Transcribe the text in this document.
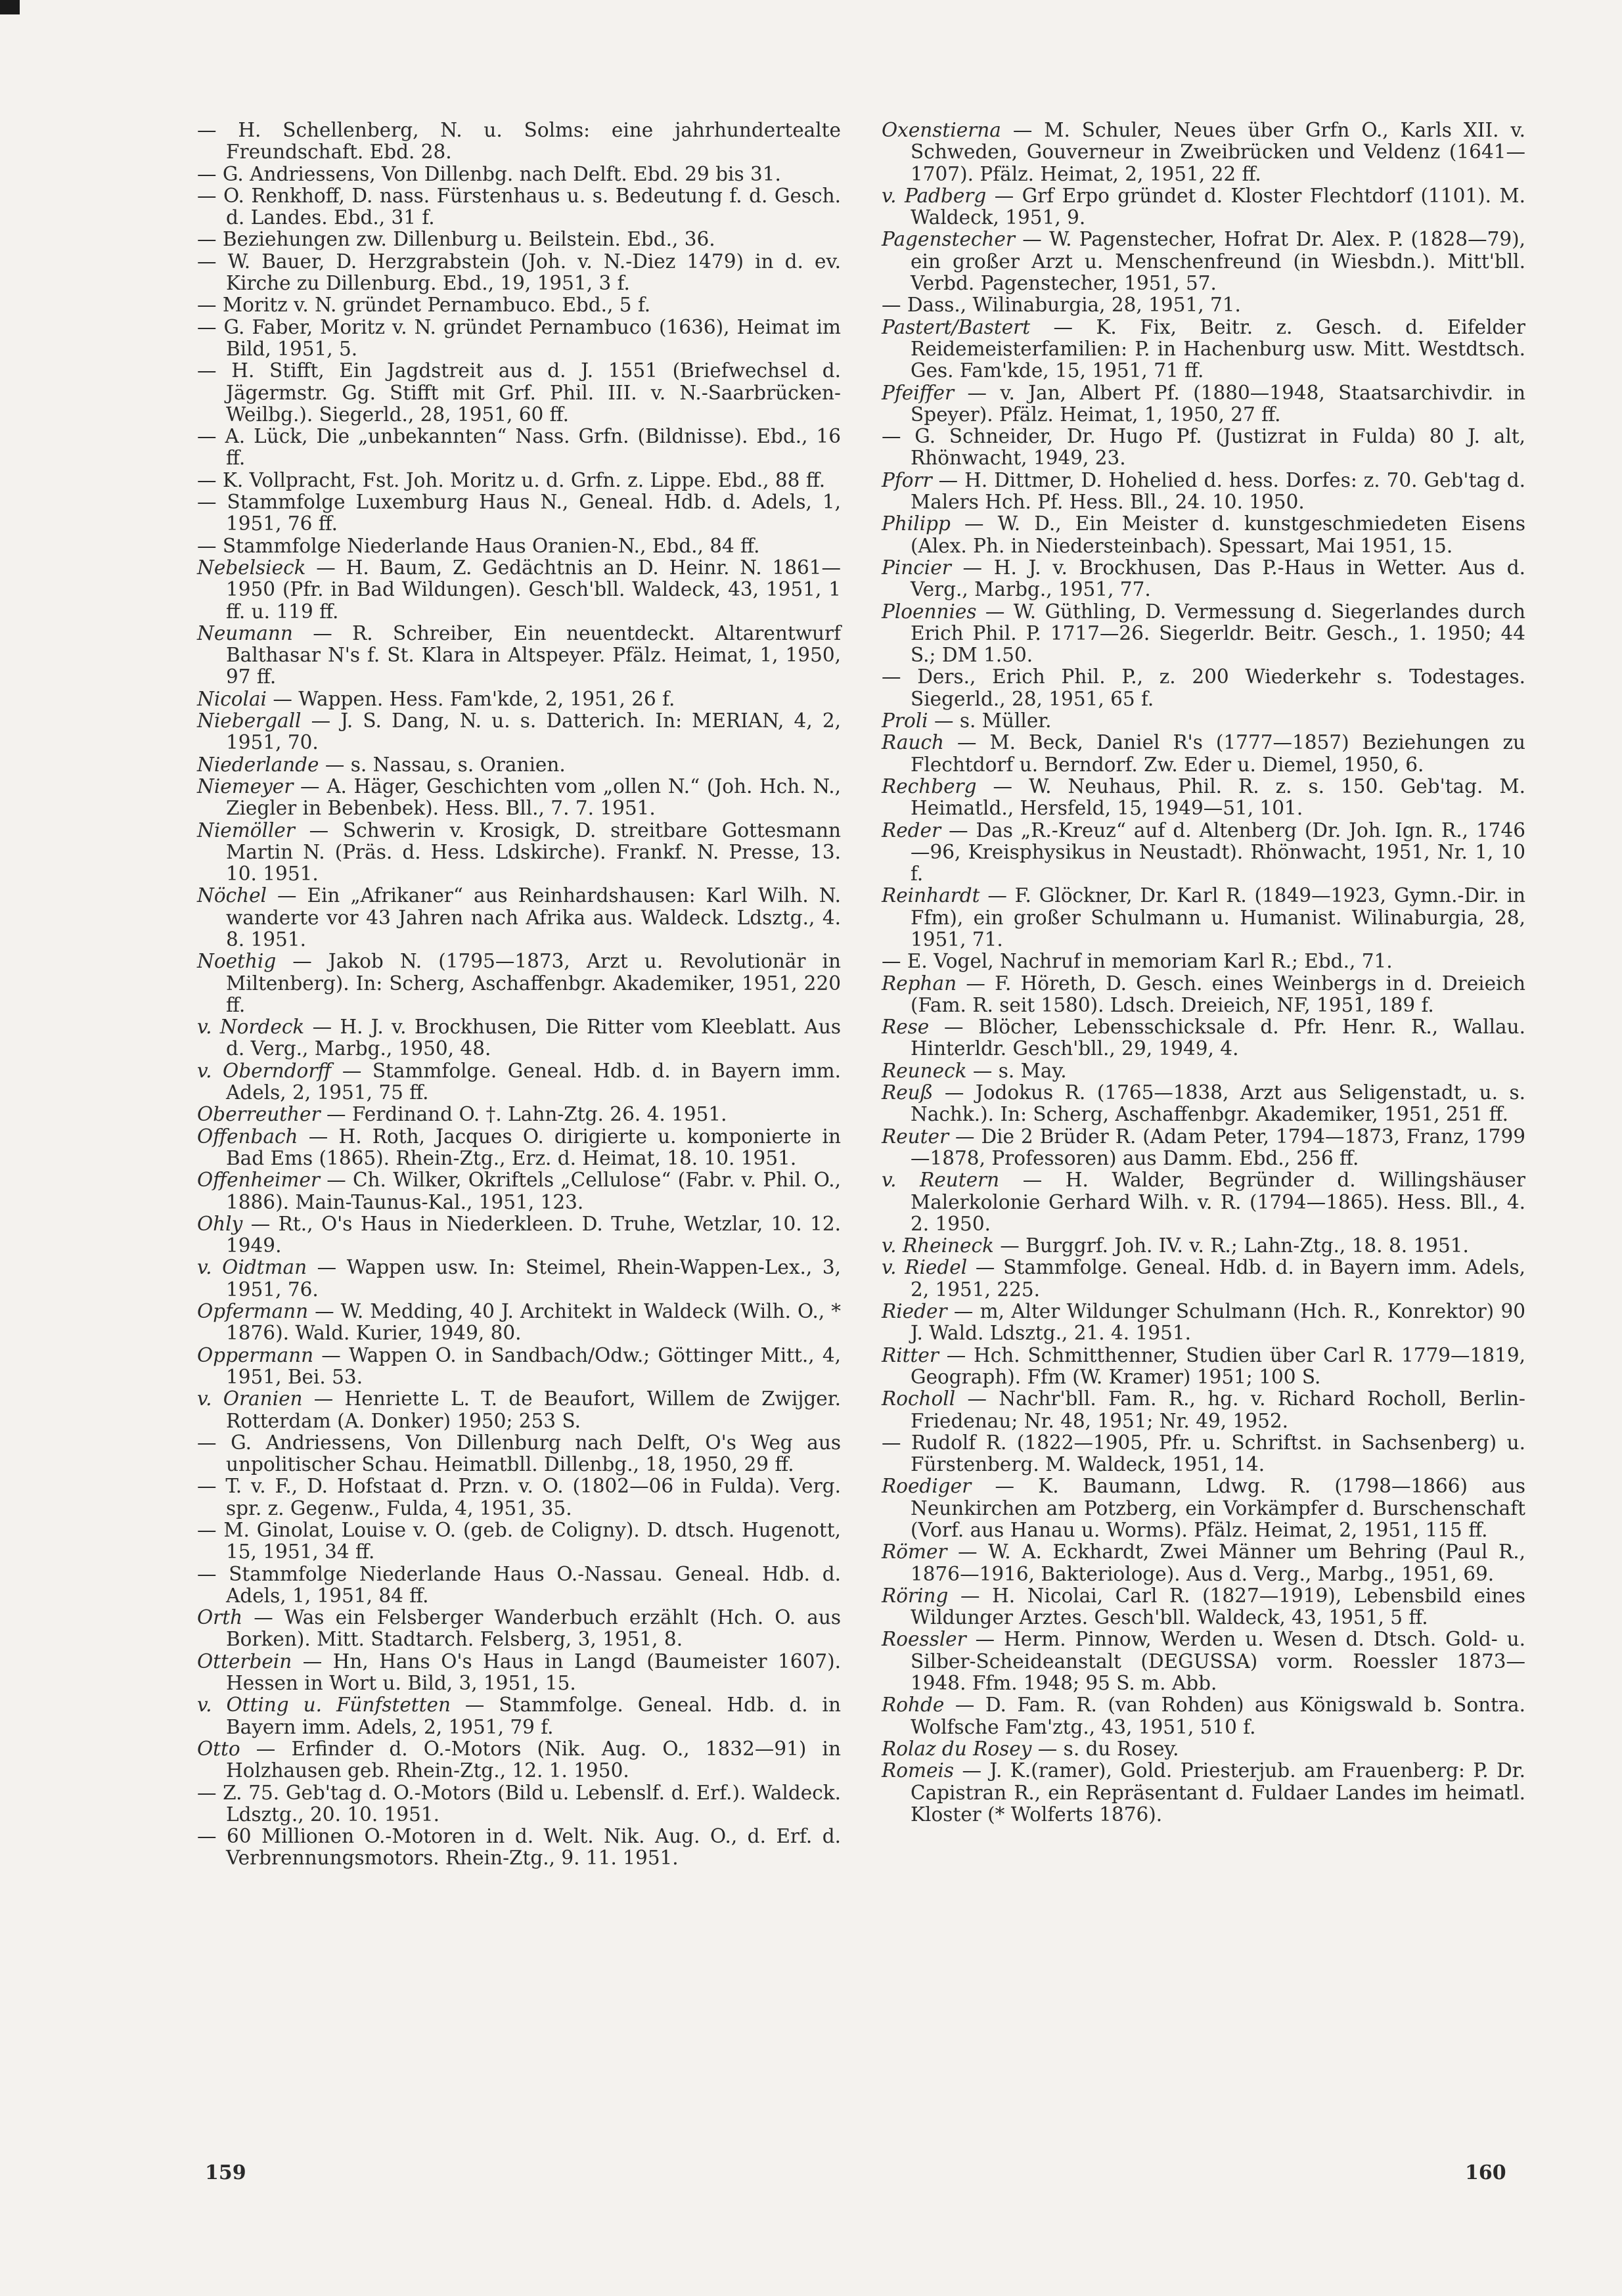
— H. Schellenberg, N. u. Solms: eine jahrhundertealte Freundschaft. Ebd. 28.
— G. Andriessens, Von Dillenbg. nach Delft. Ebd. 29 bis 31.
— O. Renkhoff, D. nass. Fürstenhaus u. s. Bedeutung f. d. Gesch. d. Landes. Ebd., 31 f.
— Beziehungen zw. Dillenburg u. Beilstein. Ebd., 36.
— W. Bauer, D. Herzgrabstein (Joh. v. N.-Diez 1479) in d. ev. Kirche zu Dillenburg. Ebd., 19, 1951, 3 f.
— Moritz v. N. gründet Pernambuco. Ebd., 5 f.
— G. Faber, Moritz v. N. gründet Pernambuco (1636), Heimat im Bild, 1951, 5.
— H. Stifft, Ein Jagdstreit aus d. J. 1551 (Briefwechsel d. Jägermstr. Gg. Stifft mit Grf. Phil. III. v. N.-Saarbrücken-Weilbg.). Siegerld., 28, 1951, 60 ff.
— A. Lück, Die „unbekannten“ Nass. Grfn. (Bildnisse). Ebd., 16 ff.
— K. Vollpracht, Fst. Joh. Moritz u. d. Grfn. z. Lippe. Ebd., 88 ff.
— Stammfolge Luxemburg Haus N., Geneal. Hdb. d. Adels, 1, 1951, 76 ff.
— Stammfolge Niederlande Haus Oranien-N., Ebd., 84 ff.
Nebelsieck — H. Baum, Z. Gedächtnis an D. Heinr. N. 1861—1950 (Pfr. in Bad Wildungen). Gesch'bll. Waldeck, 43, 1951, 1 ff. u. 119 ff.
Neumann — R. Schreiber, Ein neuentdeckt. Altarentwurf Balthasar N's f. St. Klara in Altspeyer. Pfälz. Heimat, 1, 1950, 97 ff.
Nicolai — Wappen. Hess. Fam'kde, 2, 1951, 26 f.
Niebergall — J. S. Dang, N. u. s. Datterich. In: MERIAN, 4, 2, 1951, 70.
Niederlande — s. Nassau, s. Oranien.
Niemeyer — A. Häger, Geschichten vom „ollen N.“ (Joh. Hch. N., Ziegler in Bebenbek). Hess. Bll., 7. 7. 1951.
Niemöller — Schwerin v. Krosigk, D. streitbare Gottesmann Martin N. (Präs. d. Hess. Ldskirche). Frankf. N. Presse, 13. 10. 1951.
Nöchel — Ein „Afrikaner“ aus Reinhardshausen: Karl Wilh. N. wanderte vor 43 Jahren nach Afrika aus. Waldeck. Ldsztg., 4. 8. 1951.
Noethig — Jakob N. (1795—1873, Arzt u. Revolutionär in Miltenberg). In: Scherg, Aschaffenbgr. Akademiker, 1951, 220 ff.
v. Nordeck — H. J. v. Brockhusen, Die Ritter vom Kleeblatt. Aus d. Verg., Marbg., 1950, 48.
v. Oberndorff — Stammfolge. Geneal. Hdb. d. in Bayern imm. Adels, 2, 1951, 75 ff.
Oberreuther — Ferdinand O. †. Lahn-Ztg. 26. 4. 1951.
Offenbach — H. Roth, Jacques O. dirigierte u. komponierte in Bad Ems (1865). Rhein-Ztg., Erz. d. Heimat, 18. 10. 1951.
Offenheimer — Ch. Wilker, Okriftels „Cellulose“ (Fabr. v. Phil. O., 1886). Main-Taunus-Kal., 1951, 123.
Ohly — Rt., O's Haus in Niederkleen. D. Truhe, Wetzlar, 10. 12. 1949.
v. Oidtman — Wappen usw. In: Steimel, Rhein-Wappen-Lex., 3, 1951, 76.
Opfermann — W. Medding, 40 J. Architekt in Waldeck (Wilh. O., * 1876). Wald. Kurier, 1949, 80.
Oppermann — Wappen O. in Sandbach/Odw.; Göttinger Mitt., 4, 1951, Bei. 53.
v. Oranien — Henriette L. T. de Beaufort, Willem de Zwijger. Rotterdam (A. Donker) 1950; 253 S.
— G. Andriessens, Von Dillenburg nach Delft, O's Weg aus unpolitischer Schau. Heimatbll. Dillenbg., 18, 1950, 29 ff.
— T. v. F., D. Hofstaat d. Przn. v. O. (1802—06 in Fulda). Verg. spr. z. Gegenw., Fulda, 4, 1951, 35.
— M. Ginolat, Louise v. O. (geb. de Coligny). D. dtsch. Hugenott, 15, 1951, 34 ff.
— Stammfolge Niederlande Haus O.-Nassau. Geneal. Hdb. d. Adels, 1, 1951, 84 ff.
Orth — Was ein Felsberger Wanderbuch erzählt (Hch. O. aus Borken). Mitt. Stadtarch. Felsberg, 3, 1951, 8.
Otterbein — Hn, Hans O's Haus in Langd (Baumeister 1607). Hessen in Wort u. Bild, 3, 1951, 15.
v. Otting u. Fünfstetten — Stammfolge. Geneal. Hdb. d. in Bayern imm. Adels, 2, 1951, 79 f.
Otto — Erfinder d. O.-Motors (Nik. Aug. O., 1832—91) in Holzhausen geb. Rhein-Ztg., 12. 1. 1950.
— Z. 75. Geb'tag d. O.-Motors (Bild u. Lebenslf. d. Erf.). Waldeck. Ldsztg., 20. 10. 1951.
— 60 Millionen O.-Motoren in d. Welt. Nik. Aug. O., d. Erf. d. Verbrennungsmotors. Rhein-Ztg., 9. 11. 1951.
Oxenstierna — M. Schuler, Neues über Grfn O., Karls XII. v. Schweden, Gouverneur in Zweibrücken und Veldenz (1641—1707). Pfälz. Heimat, 2, 1951, 22 ff.
v. Padberg — Grf Erpo gründet d. Kloster Flechtdorf (1101). M. Waldeck, 1951, 9.
Pagenstecher — W. Pagenstecher, Hofrat Dr. Alex. P. (1828—79), ein großer Arzt u. Menschenfreund (in Wiesbdn.). Mitt'bll. Verbd. Pagenstecher, 1951, 57.
— Dass., Wilinaburgia, 28, 1951, 71.
Pastert/Bastert — K. Fix, Beitr. z. Gesch. d. Eifelder Reidemeisterfamilien: P. in Hachenburg usw. Mitt. Westdtsch. Ges. Fam'kde, 15, 1951, 71 ff.
Pfeiffer — v. Jan, Albert Pf. (1880—1948, Staatsarchivdir. in Speyer). Pfälz. Heimat, 1, 1950, 27 ff.
— G. Schneider, Dr. Hugo Pf. (Justizrat in Fulda) 80 J. alt, Rhönwacht, 1949, 23.
Pforr — H. Dittmer, D. Hohelied d. hess. Dorfes: z. 70. Geb'tag d. Malers Hch. Pf. Hess. Bll., 24. 10. 1950.
Philipp — W. D., Ein Meister d. kunstgeschmiedeten Eisens (Alex. Ph. in Niedersteinbach). Spessart, Mai 1951, 15.
Pincier — H. J. v. Brockhusen, Das P.-Haus in Wetter. Aus d. Verg., Marbg., 1951, 77.
Ploennies — W. Güthling, D. Vermessung d. Siegerlandes durch Erich Phil. P. 1717—26. Siegerldr. Beitr. Gesch., 1. 1950; 44 S.; DM 1.50.
— Ders., Erich Phil. P., z. 200 Wiederkehr s. Todestages. Siegerld., 28, 1951, 65 f.
Proli — s. Müller.
Rauch — M. Beck, Daniel R's (1777—1857) Beziehungen zu Flechtdorf u. Berndorf. Zw. Eder u. Diemel, 1950, 6.
Rechberg — W. Neuhaus, Phil. R. z. s. 150. Geb'tag. M. Heimatld., Hersfeld, 15, 1949—51, 101.
Reder — Das „R.-Kreuz“ auf d. Altenberg (Dr. Joh. Ign. R., 1746—96, Kreisphysikus in Neustadt). Rhönwacht, 1951, Nr. 1, 10 f.
Reinhardt — F. Glöckner, Dr. Karl R. (1849—1923, Gymn.-Dir. in Ffm), ein großer Schulmann u. Humanist. Wilinaburgia, 28, 1951, 71.
— E. Vogel, Nachruf in memoriam Karl R.; Ebd., 71.
Rephan — F. Höreth, D. Gesch. eines Weinbergs in d. Dreieich (Fam. R. seit 1580). Ldsch. Dreieich, NF, 1951, 189 f.
Rese — Blöcher, Lebensschicksale d. Pfr. Henr. R., Wallau. Hinterldr. Gesch'bll., 29, 1949, 4.
Reuneck — s. May.
Reuß — Jodokus R. (1765—1838, Arzt aus Seligenstadt, u. s. Nachk.). In: Scherg, Aschaffenbgr. Akademiker, 1951, 251 ff.
Reuter — Die 2 Brüder R. (Adam Peter, 1794—1873, Franz, 1799—1878, Professoren) aus Damm. Ebd., 256 ff.
v. Reutern — H. Walder, Begründer d. Willingshäuser Malerkolonie Gerhard Wilh. v. R. (1794—1865). Hess. Bll., 4. 2. 1950.
v. Rheineck — Burggrf. Joh. IV. v. R.; Lahn-Ztg., 18. 8. 1951.
v. Riedel — Stammfolge. Geneal. Hdb. d. in Bayern imm. Adels, 2, 1951, 225.
Rieder — m, Alter Wildunger Schulmann (Hch. R., Konrektor) 90 J. Wald. Ldsztg., 21. 4. 1951.
Ritter — Hch. Schmitthenner, Studien über Carl R. 1779—1819, Geograph). Ffm (W. Kramer) 1951; 100 S.
Rocholl — Nachr'bll. Fam. R., hg. v. Richard Rocholl, Berlin-Friedenau; Nr. 48, 1951; Nr. 49, 1952.
— Rudolf R. (1822—1905, Pfr. u. Schriftst. in Sachsenberg) u. Fürstenberg. M. Waldeck, 1951, 14.
Roediger — K. Baumann, Ldwg. R. (1798—1866) aus Neunkirchen am Potzberg, ein Vorkämpfer d. Burschenschaft (Vorf. aus Hanau u. Worms). Pfälz. Heimat, 2, 1951, 115 ff.
Römer — W. A. Eckhardt, Zwei Männer um Behring (Paul R., 1876—1916, Bakteriologe). Aus d. Verg., Marbg., 1951, 69.
Röring — H. Nicolai, Carl R. (1827—1919), Lebensbild eines Wildunger Arztes. Gesch'bll. Waldeck, 43, 1951, 5 ff.
Roessler — Herm. Pinnow, Werden u. Wesen d. Dtsch. Gold- u. Silber-Scheideanstalt (DEGUSSA) vorm. Roessler 1873—1948. Ffm. 1948; 95 S. m. Abb.
Rohde — D. Fam. R. (van Rohden) aus Königswald b. Sontra. Wolfsche Fam'ztg., 43, 1951, 510 f.
Rolaz du Rosey — s. du Rosey.
Romeis — J. K.(ramer), Gold. Priesterjub. am Frauenberg: P. Dr. Capistran R., ein Repräsentant d. Fuldaer Landes im heimatl. Kloster (* Wolferts 1876).
159	160
